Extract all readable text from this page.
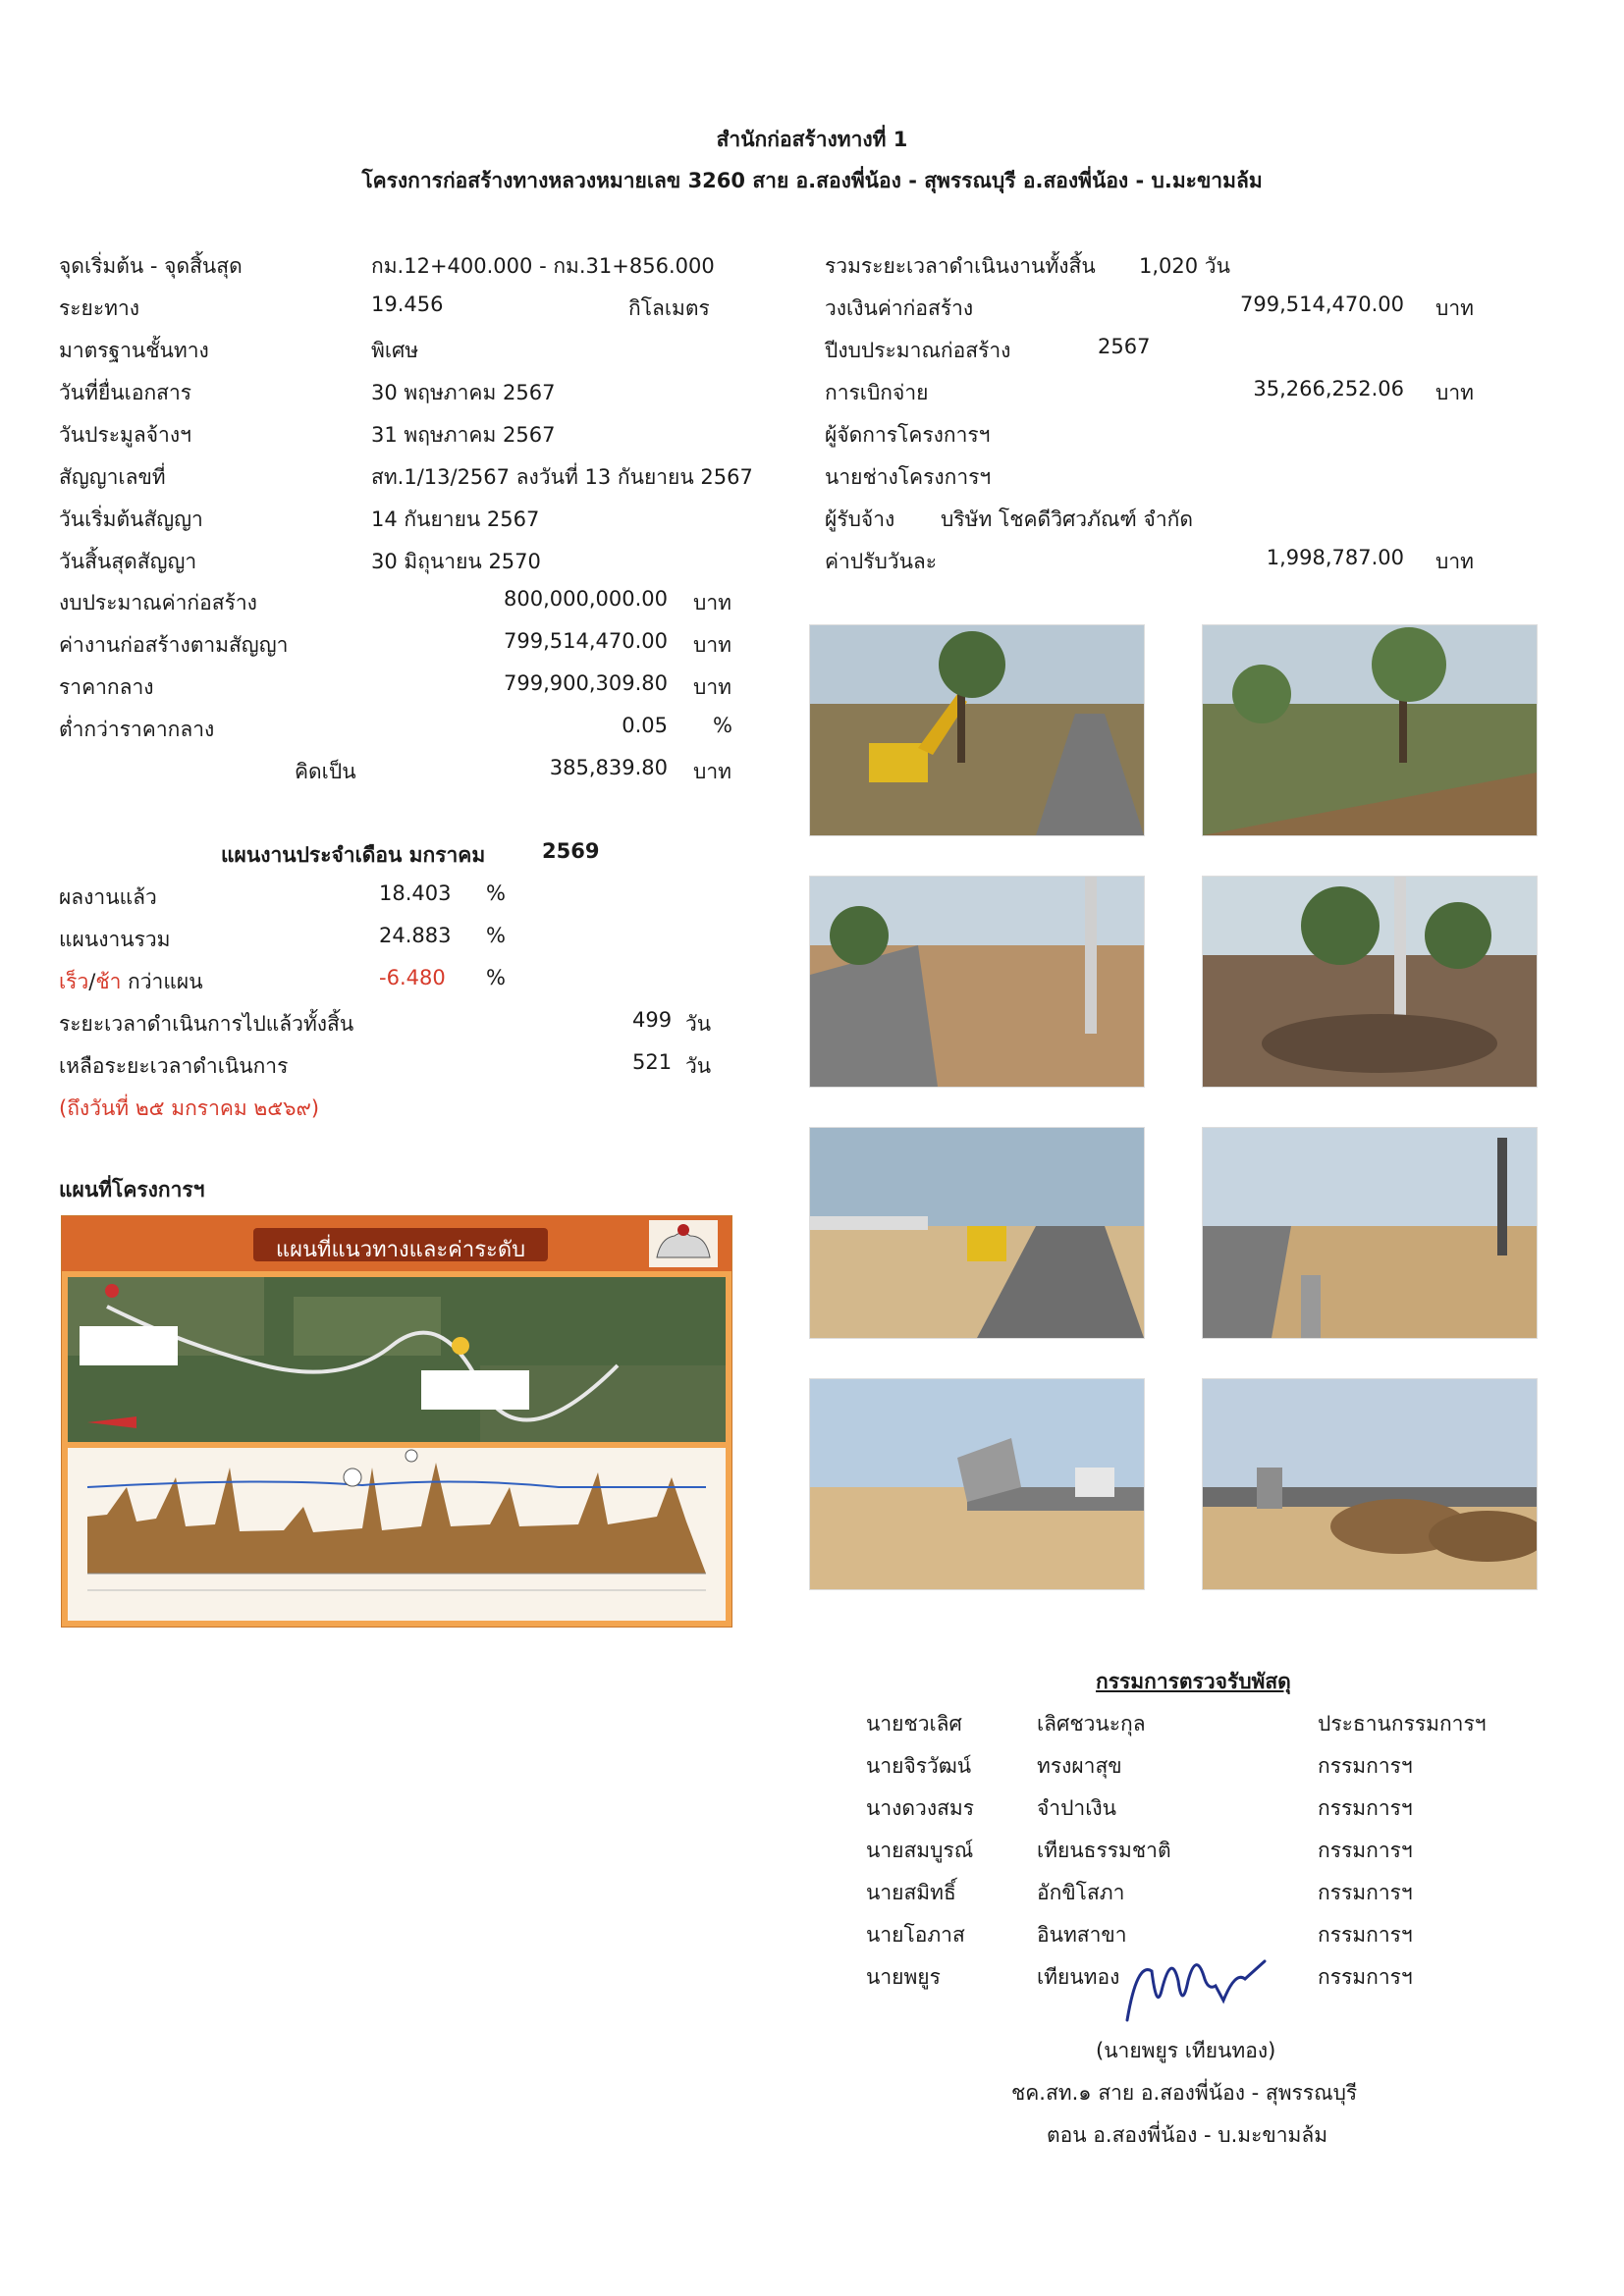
สำนักก่อสร้างทางที่ 1
โครงการก่อสร้างทางหลวงหมายเลข 3260 สาย อ.สองพี่น้อง - สุพรรณบุรี อ.สองพี่น้อง - บ.มะขามล้ม
จุดเริ่มต้น - จุดสิ้นสุด	กม.12+400.000 - กม.31+856.000
ระยะทาง	19.456	กิโลเมตร
มาตรฐานชั้นทาง	พิเศษ
วันที่ยื่นเอกสาร	30 พฤษภาคม 2567
วันประมูลจ้างฯ	31 พฤษภาคม 2567
สัญญาเลขที่	สท.1/13/2567 ลงวันที่ 13 กันยายน 2567
วันเริ่มต้นสัญญา	14 กันยายน 2567
วันสิ้นสุดสัญญา	30 มิถุนายน 2570
งบประมาณค่าก่อสร้าง	800,000,000.00 บาท
ค่างานก่อสร้างตามสัญญา	799,514,470.00 บาท
ราคากลาง	799,900,309.80 บาท
ต่ำกว่าราคากลาง	0.05 %
คิดเป็น	385,839.80 บาท
รวมระยะเวลาดำเนินงานทั้งสิ้น 1,020 วัน
วงเงินค่าก่อสร้าง	799,514,470.00 บาท
ปีงบประมาณก่อสร้าง	2567
การเบิกจ่าย	35,266,252.06 บาท
ผู้จัดการโครงการฯ
นายช่างโครงการฯ
ผู้รับจ้าง บริษัท โชคดีวิศวภัณฑ์ จำกัด
ค่าปรับวันละ	1,998,787.00 บาท
แผนงานประจำเดือน มกราคม	2569
ผลงานแล้ว	18.403 %
แผนงานรวม	24.883 %
เร็ว/ช้า กว่าแผน	-6.480 %
ระยะเวลาดำเนินการไปแล้วทั้งสิ้น	499 วัน
เหลือระยะเวลาดำเนินการ	521 วัน
(ถึงวันที่ ๒๕ มกราคม ๒๕๖๙)
แผนที่โครงการฯ
แผนที่แนวทางและค่าระดับ
กรรมการตรวจรับพัสดุ
นายชวเลิศ	เลิศชวนะกุล	ประธานกรรมการฯ
นายจิรวัฒน์	ทรงผาสุข	กรรมการฯ
นางดวงสมร	จำปาเงิน	กรรมการฯ
นายสมบูรณ์	เทียนธรรมชาติ	กรรมการฯ
นายสมิทธิ์	อักขิโสภา	กรรมการฯ
นายโอภาส	อินทสาขา	กรรมการฯ
นายพยูร	เทียนทอง	กรรมการฯ
(นายพยูร เทียนทอง)
ชค.สท.๑ สาย อ.สองพี่น้อง - สุพรรณบุรี
ตอน อ.สองพี่น้อง - บ.มะขามล้ม
